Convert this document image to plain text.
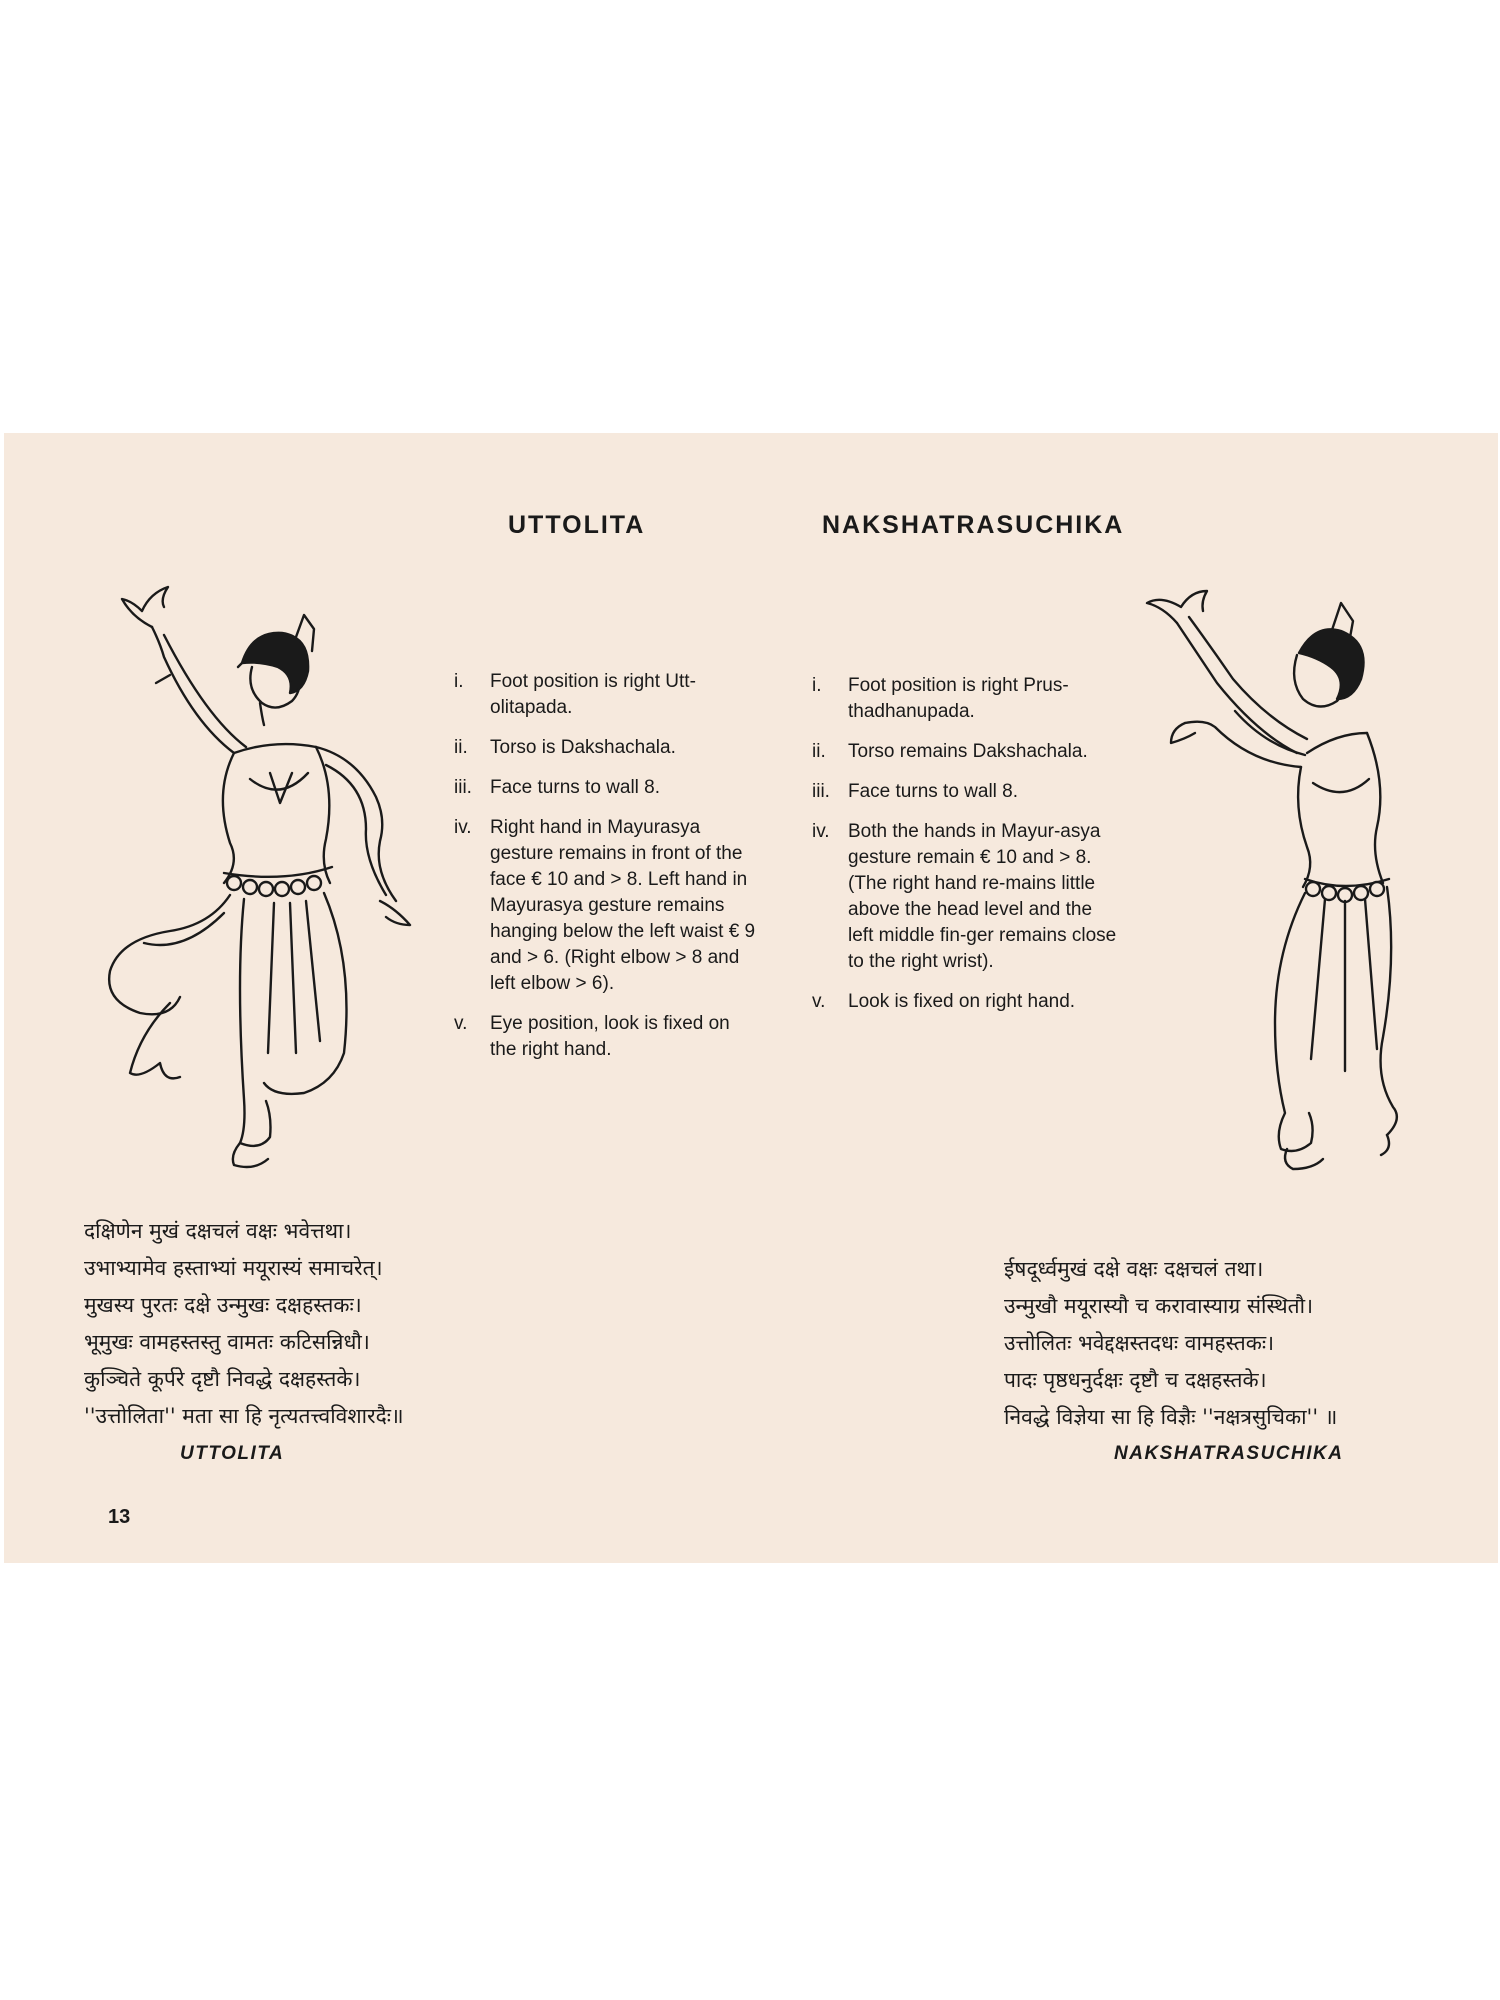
UTTOLITA
i.	Foot position is right Utt-olitapada.
ii.	Torso is Dakshachala.
iii. Face turns to wall 8.
iv. Right hand in Mayurasya gesture remains in front of the face € 10 and > 8. Left hand in Mayurasya gesture remains hanging below the left waist € 9 and > 6. (Right elbow > 8 and left elbow > 6).
v.	Eye position, look is fixed on the right hand.
NAKSHATRASUCHIKA
i.	Foot position is right Prus-thadhanupada.
ii.	Torso remains Dakshachala.
iii. Face turns to wall 8.
iv. Both the hands in Mayur-asya gesture remain € 10 and > 8. (The right hand re-mains little above the head level and the left middle fin-ger remains close to the right wrist).
v.	Look is fixed on right hand.
दक्षिणेन मुखं दक्षचलं वक्षः भवेत्तथा।
उभाभ्यामेव हस्ताभ्यां मयूरास्यं समाचरेत्।
मुखस्य पुरतः दक्षे उन्मुखः दक्षहस्तकः।
भूमुखः वामहस्तस्तु वामतः कटिसन्निधौ।
कुञ्चिते कूर्परे दृष्टौ निवद्धे दक्षहस्तके।
''उत्तोलिता'' मता सा हि नृत्यतत्त्वविशारदैः॥
UTTOLITA
ईषदूर्ध्वमुखं दक्षे वक्षः दक्षचलं तथा।
उन्मुखौ मयूरास्यौ च करावास्याग्र संस्थितौ।
उत्तोलितः भवेद्दक्षस्तदधः वामहस्तकः।
पादः पृष्ठधनुर्दक्षः दृष्टौ च दक्षहस्तके।
निवद्धे विज्ञेया सा हि विज्ञैः ''नक्षत्रसुचिका'' ॥
NAKSHATRASUCHIKA
13
